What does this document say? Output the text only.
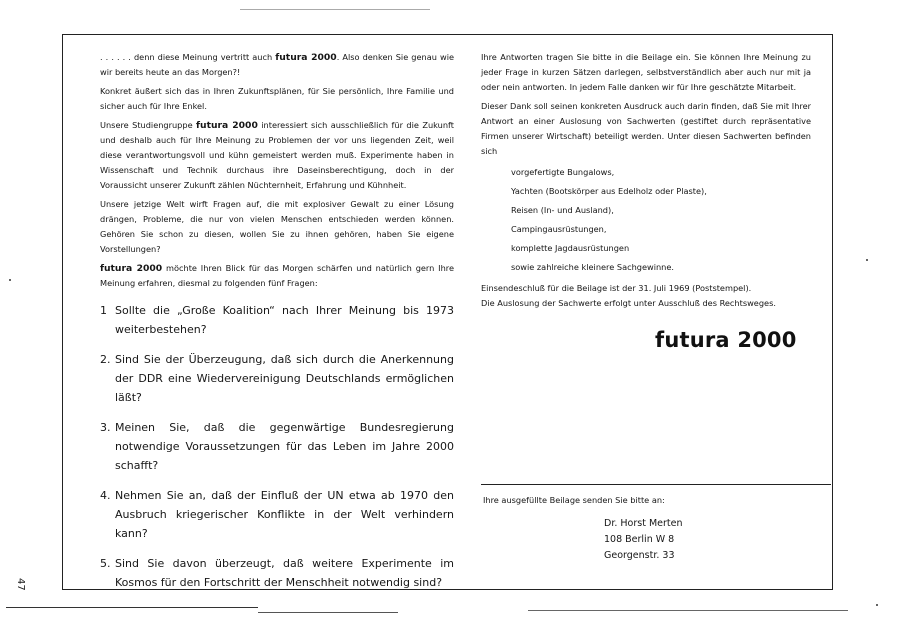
. . . . . . denn diese Meinung vertritt auch futura 2000. Also denken Sie genau wie wir bereits heute an das Morgen?!

Konkret äußert sich das in Ihren Zukunftsplänen, für Sie persönlich, Ihre Familie und sicher auch für Ihre Enkel.

Unsere Studiengruppe futura 2000 interessiert sich ausschließlich für die Zukunft und deshalb auch für Ihre Meinung zu Problemen der vor uns liegenden Zeit, weil diese verantwortungsvoll und kühn gemeistert werden muß. Experimente haben in Wissenschaft und Technik durchaus ihre Daseinsberechtigung, doch in der Voraussicht unserer Zukunft zählen Nüchternheit, Erfahrung und Kühnheit.

Unsere jetzige Welt wirft Fragen auf, die mit explosiver Gewalt zu einer Lösung drängen, Probleme, die nur von vielen Menschen entschieden werden können. Gehören Sie schon zu diesen, wollen Sie zu ihnen gehören, haben Sie eigene Vorstellungen?

futura 2000 möchte Ihren Blick für das Morgen schärfen und natürlich gern Ihre Meinung erfahren, diesmal zu folgenden fünf Fragen:

1 Sollte die „Große Koalition“ nach Ihrer Meinung bis 1973 weiterbestehen?
2. Sind Sie der Überzeugung, daß sich durch die Anerkennung der DDR eine Wiedervereinigung Deutschlands ermöglichen läßt?
3. Meinen Sie, daß die gegenwärtige Bundesregierung notwendige Voraussetzungen für das Leben im Jahre 2000 schafft?
4. Nehmen Sie an, daß der Einfluß der UN etwa ab 1970 den Ausbruch kriegerischer Konflikte in der Welt verhindern kann?
5. Sind Sie davon überzeugt, daß weitere Experimente im Kosmos für den Fortschritt der Menschheit notwendig sind?

Ihre Antworten tragen Sie bitte in die Beilage ein. Sie können Ihre Meinung zu jeder Frage in kurzen Sätzen darlegen, selbstverständlich aber auch nur mit ja oder nein antworten. In jedem Falle danken wir für Ihre geschätzte Mitarbeit.

Dieser Dank soll seinen konkreten Ausdruck auch darin finden, daß Sie mit Ihrer Antwort an einer Auslosung von Sachwerten (gestiftet durch repräsentative Firmen unserer Wirtschaft) beteiligt werden. Unter diesen Sachwerten befinden sich

vorgefertigte Bungalows,
Yachten (Bootskörper aus Edelholz oder Plaste),
Reisen (In- und Ausland),
Campingausrüstungen,
komplette Jagdausrüstungen
sowie zahlreiche kleinere Sachgewinne.

Einsendeschluß für die Beilage ist der 31. Juli 1969 (Poststempel).

Die Auslosung der Sachwerte erfolgt unter Ausschluß des Rechtsweges.

futura 2000
Ihre ausgefüllte Beilage senden Sie bitte an:
Dr. Horst Merten
108 Berlin W 8
Georgenstr. 33
47
